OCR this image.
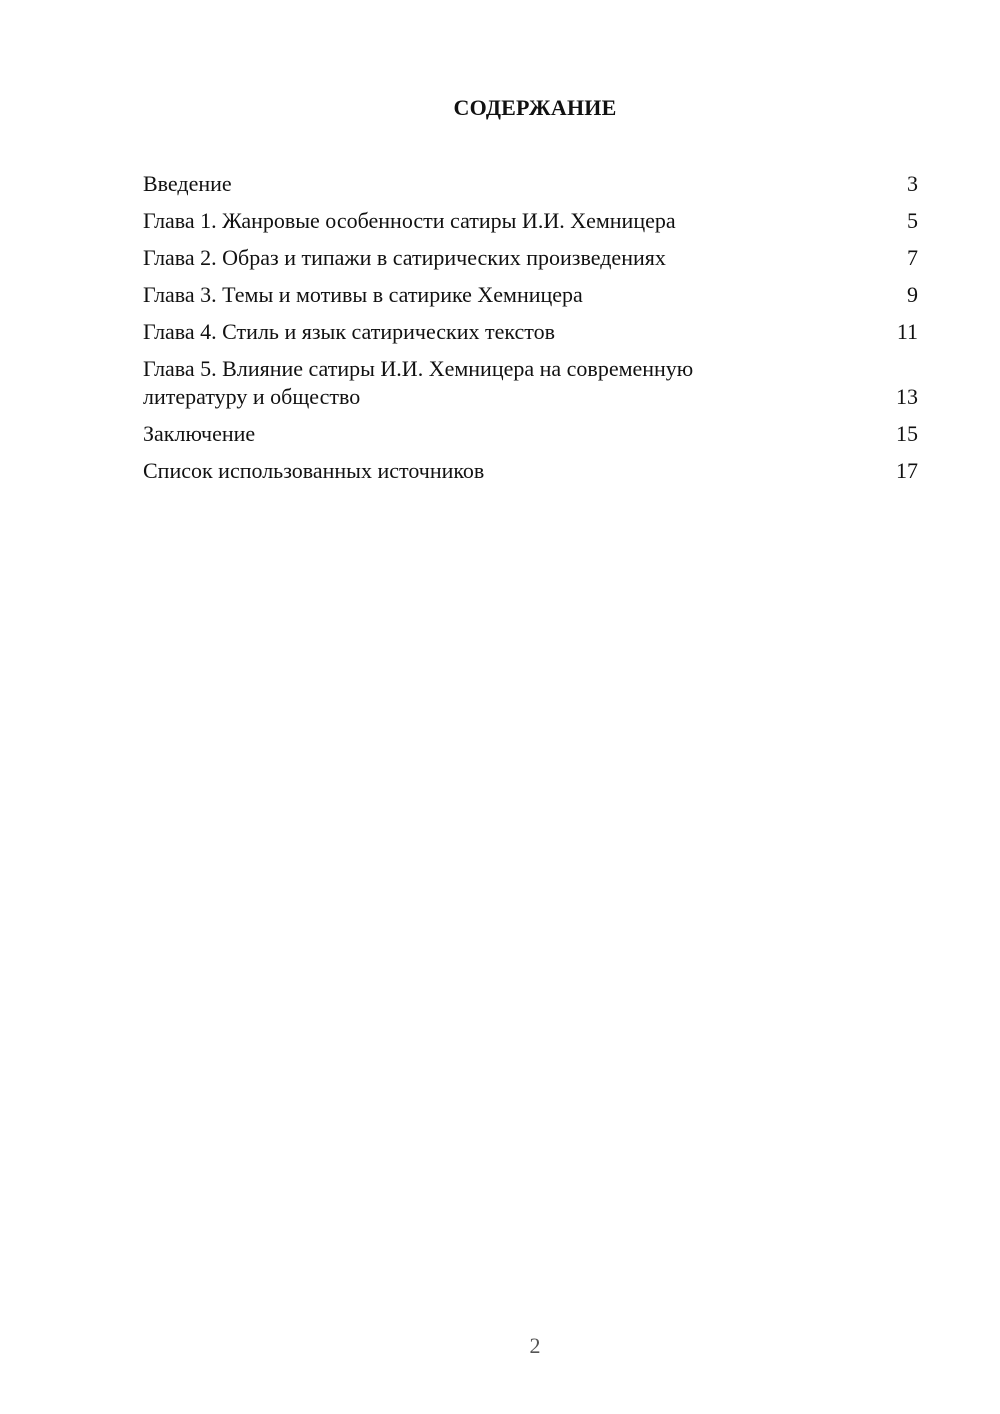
СОДЕРЖАНИЕ
Введение	3
Глава 1. Жанровые особенности сатиры И.И. Хемницера	5
Глава 2. Образ и типажи в сатирических произведениях	7
Глава 3. Темы и мотивы в сатирике Хемницера	9
Глава 4. Стиль и язык сатирических текстов	11
Глава 5. Влияние сатиры И.И. Хемницера на современную литературу и общество	13
Заключение	15
Список использованных источников	17
2
